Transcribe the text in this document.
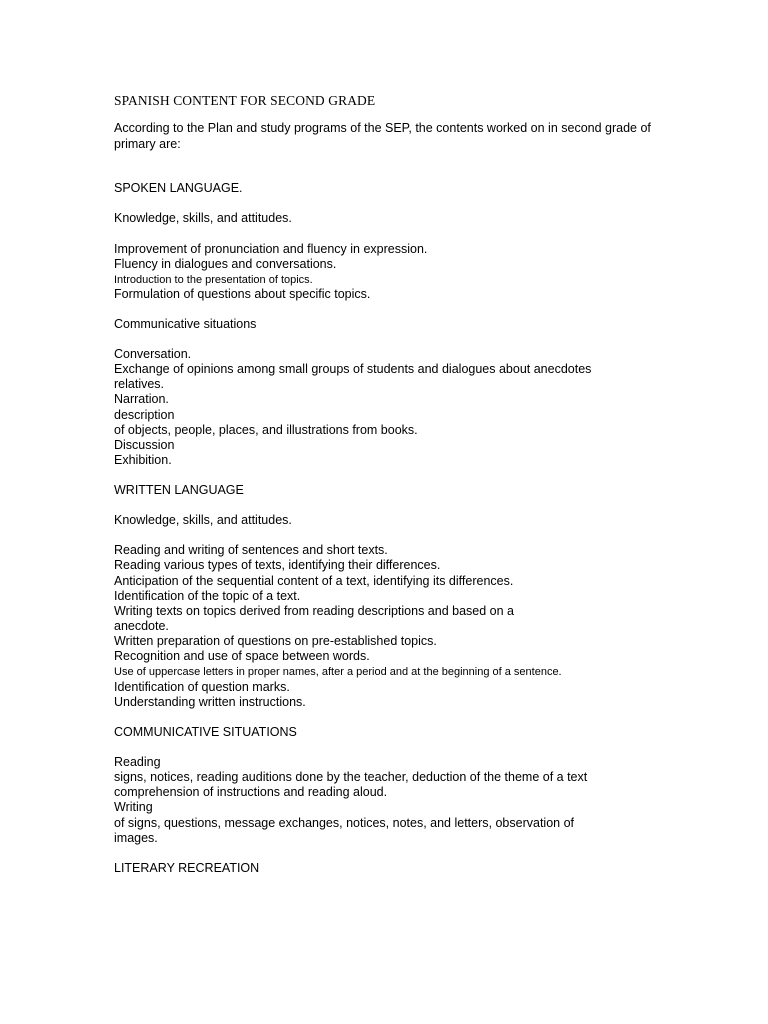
SPANISH CONTENT FOR SECOND GRADE
According to the Plan and study programs of the SEP, the contents worked on in second grade of primary are:
SPOKEN LANGUAGE.
Knowledge, skills, and attitudes.
Improvement of pronunciation and fluency in expression.
Fluency in dialogues and conversations.
Introduction to the presentation of topics.
Formulation of questions about specific topics.
Communicative situations
Conversation.
Exchange of opinions among small groups of students and dialogues about anecdotes
relatives.
Narration.
description
of objects, people, places, and illustrations from books.
Discussion
Exhibition.
WRITTEN LANGUAGE
Knowledge, skills, and attitudes.
Reading and writing of sentences and short texts.
Reading various types of texts, identifying their differences.
Anticipation of the sequential content of a text, identifying its differences.
Identification of the topic of a text.
Writing texts on topics derived from reading descriptions and based on a
anecdote.
Written preparation of questions on pre-established topics.
Recognition and use of space between words.
Use of uppercase letters in proper names, after a period and at the beginning of a sentence.
Identification of question marks.
Understanding written instructions.
COMMUNICATIVE SITUATIONS
Reading
signs, notices, reading auditions done by the teacher, deduction of the theme of a text
comprehension of instructions and reading aloud.
Writing
of signs, questions, message exchanges, notices, notes, and letters, observation of
images.
LITERARY RECREATION
